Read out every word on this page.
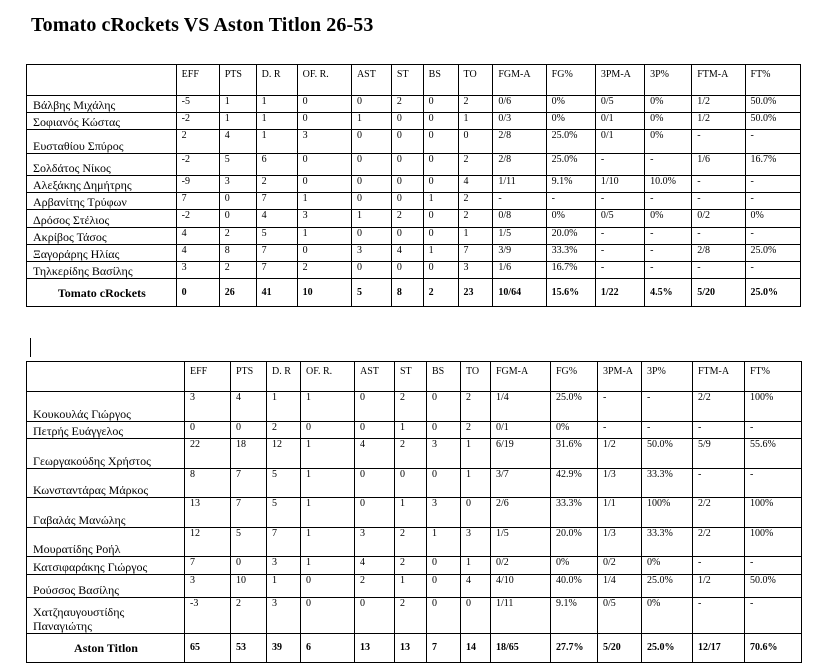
Tomato cRockets VS Aston Titlon 26-53
	EFF	PTS	D. R	OF. R.	AST	ST	BS	TO	FGM-A	FG%	3PM-A	3P%	FTM-A	FT%
Βάλβης Μιχάλης	-5	1	1	0	0	2	0	2	0/6	0%	0/5	0%	1/2	50.0%
Σοφιανός Κώστας	-2	1	1	0	1	0	0	1	0/3	0%	0/1	0%	1/2	50.0%
Ευσταθίου Σπύρος	2	4	1	3	0	0	0	0	2/8	25.0%	0/1	0%	-	-
Σολδάτος Νίκος	-2	5	6	0	0	0	0	2	2/8	25.0%	-	-	1/6	16.7%
Αλεξάκης Δημήτρης	-9	3	2	0	0	0	0	4	1/11	9.1%	1/10	10.0%	-	-
Αρβανίτης Τρύφων	7	0	7	1	0	0	1	2	-	-	-	-	-	-
Δρόσος Στέλιος	-2	0	4	3	1	2	0	2	0/8	0%	0/5	0%	0/2	0%
Ακρίβος Τάσος	4	2	5	1	0	0	0	1	1/5	20.0%	-	-	-	-
Ξαγοράρης Ηλίας	4	8	7	0	3	4	1	7	3/9	33.3%	-	-	2/8	25.0%
Τηλκερίδης Βασίλης	3	2	7	2	0	0	0	3	1/6	16.7%	-	-	-	-
Tomato cRockets	0	26	41	10	5	8	2	23	10/64	15.6%	1/22	4.5%	5/20	25.0%
	EFF	PTS	D. R	OF. R.	AST	ST	BS	TO	FGM-A	FG%	3PM-A	3P%	FTM-A	FT%
Κουκουλάς Γιώργος	3	4	1	1	0	2	0	2	1/4	25.0%	-	-	2/2	100%
Πετρής Ευάγγελος	0	0	2	0	0	1	0	2	0/1	0%	-	-	-	-
Γεωργακούδης Χρήστος	22	18	12	1	4	2	3	1	6/19	31.6%	1/2	50.0%	5/9	55.6%
Κωνσταντάρας Μάρκος	8	7	5	1	0	0	0	1	3/7	42.9%	1/3	33.3%	-	-
Γαβαλάς Μανώλης	13	7	5	1	0	1	3	0	2/6	33.3%	1/1	100%	2/2	100%
Μουρατίδης Ροήλ	12	5	7	1	3	2	1	3	1/5	20.0%	1/3	33.3%	2/2	100%
Κατσιφαράκης Γιώργος	7	0	3	1	4	2	0	1	0/2	0%	0/2	0%	-	-
Ρούσσος Βασίλης	3	10	1	0	2	1	0	4	4/10	40.0%	1/4	25.0%	1/2	50.0%
Χατζηαυγουστίδης Παναγιώτης	-3	2	3	0	0	2	0	0	1/11	9.1%	0/5	0%	-	-
Aston Titlon	65	53	39	6	13	13	7	14	18/65	27.7%	5/20	25.0%	12/17	70.6%
